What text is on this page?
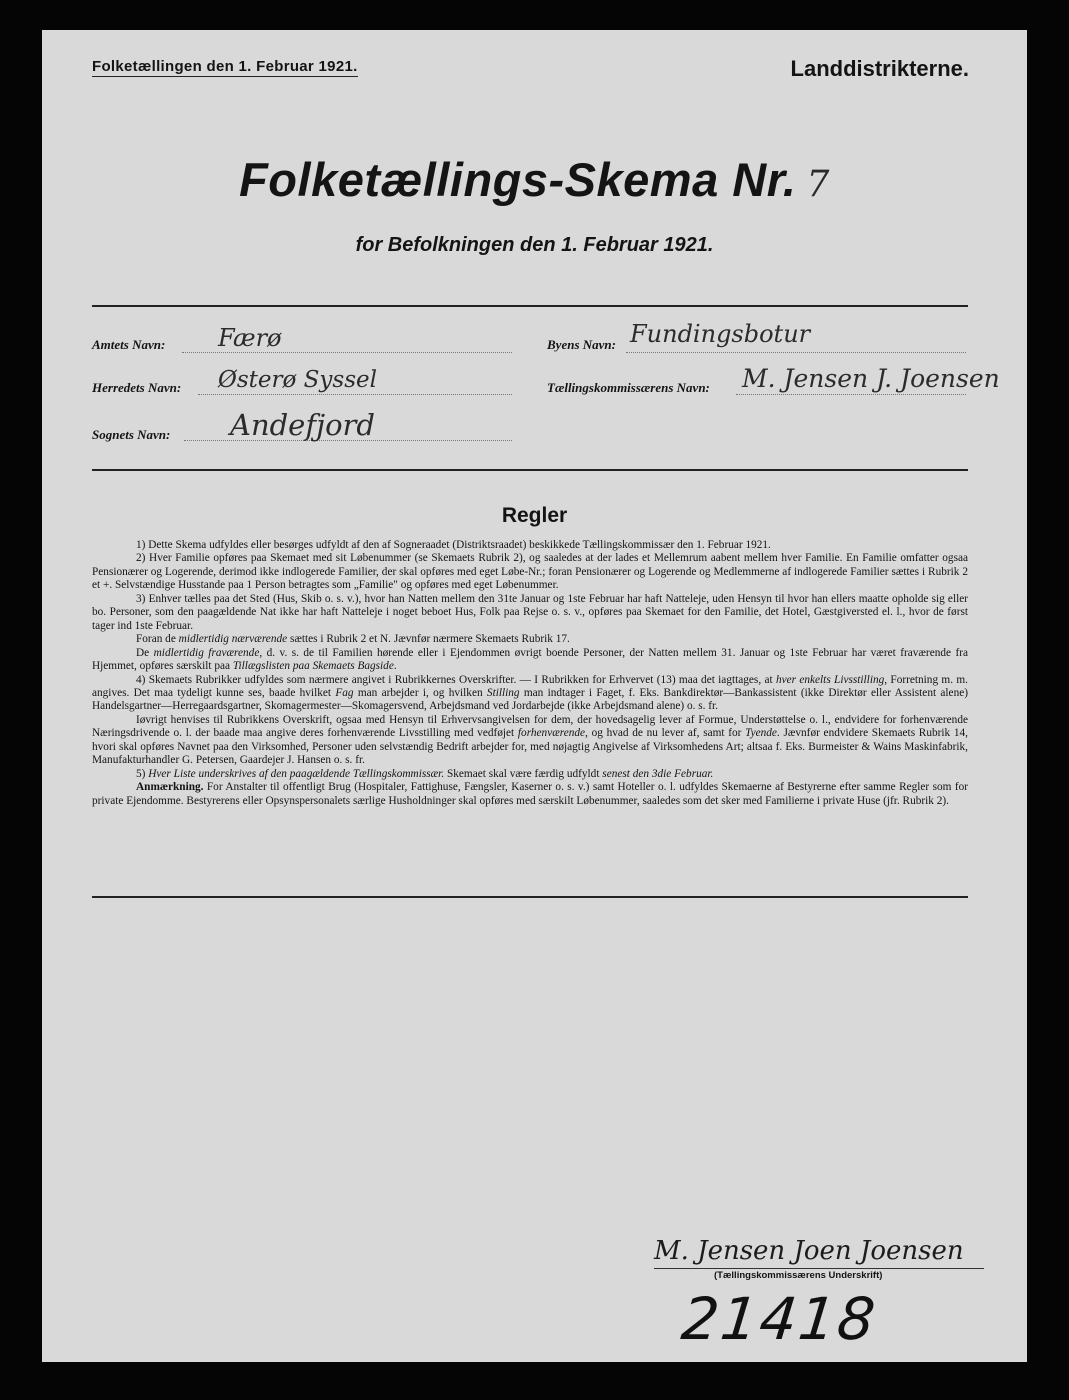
Folketællingen den 1. Februar 1921.	Landdistrikterne.
Folketællings-Skema Nr. 7
for Befolkningen den 1. Februar 1921.
Amtets Navn: Færø
Herredets Navn: Østerø Syssel
Sognets Navn: Andefjord
Byens Navn: Fundingsbotur
Tællingskommissærens Navn: M. Jensen J. Joensen
Regler

1) Dette Skema udfyldes eller besørges udfyldt af den af Sogneraadet (Distriktsraadet) beskikkede Tællingskommissær den 1. Februar 1921.

2) Hver Familie opføres paa Skemaet med sit Løbenummer (se Skemaets Rubrik 2), og saaledes at der lades et Mellemrum aabent mellem hver Familie. En Familie omfatter ogsaa Pensionærer og Logerende, derimod ikke indlogerede Familier, der skal opføres med eget Løbe-Nr.; foran Pensionærer og Logerende og Medlemmerne af indlogerede Familier sættes i Rubrik 2 et +. Selvstændige Husstande paa 1 Person betragtes som „Familie" og opføres med eget Løbenummer.

3) Enhver tælles paa det Sted (Hus, Skib o. s. v.), hvor han Natten mellem den 31te Januar og 1ste Februar har haft Natteleje, uden Hensyn til hvor han ellers maatte opholde sig eller bo. Personer, som den paagældende Nat ikke har haft Natteleje i noget beboet Hus, Folk paa Rejse o. s. v., opføres paa Skemaet for den Familie, det Hotel, Gæstgiversted el. l., hvor de først tager ind 1ste Februar.

Foran de midlertidig nærværende sættes i Rubrik 2 et N. Jævnfør nærmere Skemaets Rubrik 17.

De midlertidig fraværende, d. v. s. de til Familien hørende eller i Ejendommen øvrigt boende Personer, der Natten mellem 31. Januar og 1ste Februar har været fraværende fra Hjemmet, opføres særskilt paa Tillægslisten paa Skemaets Bagside.

4) Skemaets Rubrikker udfyldes som nærmere angivet i Rubrikkernes Overskrifter. — I Rubrikken for Erhvervet (13) maa det iagttages, at hver enkelts Livsstilling, Forretning m. m. angives. Det maa tydeligt kunne ses, baade hvilket Fag man arbejder i, og hvilken Stilling man indtager i Faget, f. Eks. Bankdirektør—Bankassistent (ikke Direktør eller Assistent alene) Handelsgartner—Herregaardsgartner, Skomagermester—Skomagersvend, Arbejdsmand ved Jordarbejde (ikke Arbejdsmand alene) o. s. fr.

Iøvrigt henvises til Rubrikkens Overskrift, ogsaa med Hensyn til Erhvervsangivelsen for dem, der hovedsagelig lever af Formue, Understøttelse o. l., endvidere for forhenværende Næringsdrivende o. l. der baade maa angive deres forhenværende Livsstilling med vedføjet forhenværende, og hvad de nu lever af, samt for Tyende. Jævnfør endvidere Skemaets Rubrik 14, hvori skal opføres Navnet paa den Virksomhed, Personer uden selvstændig Bedrift arbejder for, med nøjagtig Angivelse af Virksomhedens Art; altsaa f. Eks. Burmeister & Wains Maskinfabrik, Manufakturhandler G. Petersen, Gaardejer J. Hansen o. s. fr.

5) Hver Liste underskrives af den paagældende Tællingskommissær. Skemaet skal være færdig udfyldt senest den 3die Februar.

Anmærkning. For Anstalter til offentligt Brug (Hospitaler, Fattighuse, Fængsler, Kaserner o. s. v.) samt Hoteller o. l. udfyldes Skemaerne af Bestyrerne efter samme Regler som for private Ejendomme. Bestyrerens eller Opsynspersonalets særlige Husholdninger skal opføres med særskilt Løbenummer, saaledes som det sker med Familierne i private Huse (jfr. Rubrik 2).

M. Jensen Joen Joensen
(Tællingskommissærens Underskrift)
21418
